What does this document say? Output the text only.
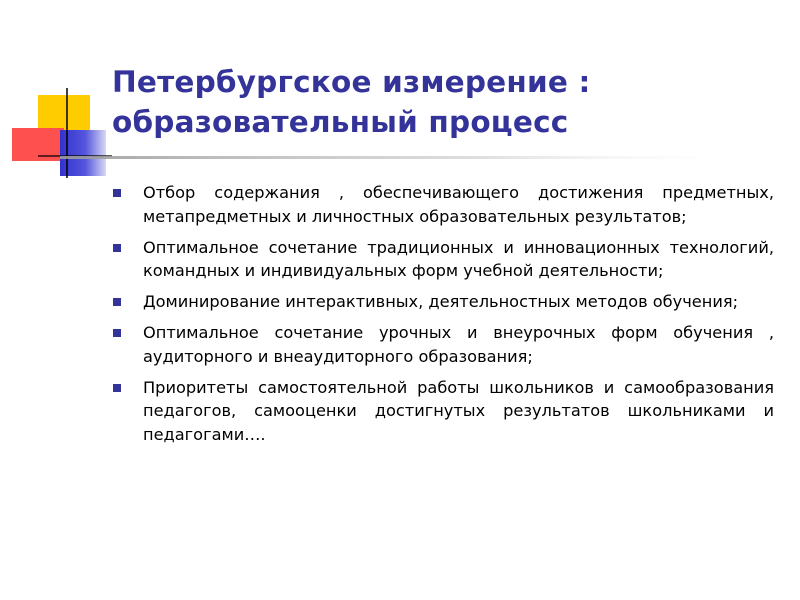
Петербургское измерение :
образовательный процесс
Отбор содержания , обеспечивающего достижения предметных, метапредметных и личностных образовательных результатов;
Оптимальное сочетание традиционных и инновационных технологий, командных и индивидуальных форм учебной деятельности;
Доминирование интерактивных, деятельностных методов обучения;
Оптимальное сочетание урочных и внеурочных форм обучения , аудиторного и внеаудиторного образования;
Приоритеты самостоятельной работы школьников и самообразования педагогов, самооценки достигнутых результатов школьниками и педагогами….
